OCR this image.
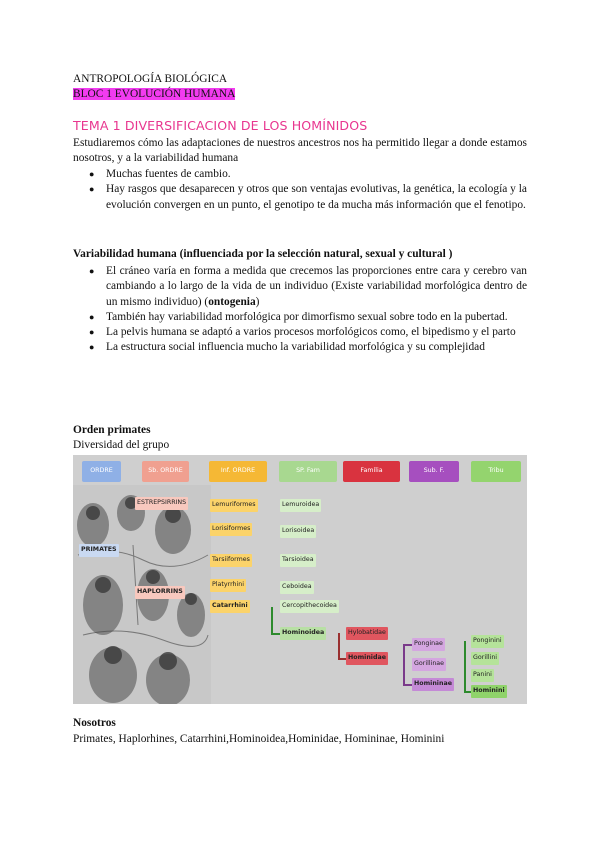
ANTROPOLOGÍA BIOLÓGICA
BLOC 1 EVOLUCIÓN HUMANA
TEMA 1 DIVERSIFICACION DE LOS HOMÍNIDOS
Estudiaremos cómo las adaptaciones de nuestros ancestros nos ha permitido llegar a donde estamos nosotros, y a la variabilidad humana
● Muchas fuentes de cambio.
● Hay rasgos que desaparecen y otros que son ventajas evolutivas, la genética, la ecología y la evolución convergen en un punto, el genotipo te da mucha más información que el fenotipo.
Variabilidad humana (influenciada por la selección natural, sexual y cultural )
● El cráneo varía en forma a medida que crecemos las proporciones entre cara y cerebro van cambiando a lo largo de la vida de un individuo (Existe variabilidad morfológica dentro de un mismo individuo) (ontogenia)
● También hay variabilidad morfológica por dimorfismo sexual sobre todo en la pubertad.
● La pelvis humana se adaptó a varios procesos morfológicos como, el bipedismo y el parto
● La estructura social influencia mucho la variabilidad morfológica y su complejidad
Orden primates
Diversidad del grupo
ORDRE	Sb. ORDRE	Inf. ORDRE	SP. Fam	Família	Sub. F.	Tribu
PRIMATES
ESTREPSIRRINS
HAPLORRINS
Lemuriformes
Lorisiformes
Tarsiiformes
Platyrrhini
Catarrhini
Lemuroidea
Lorisoidea
Tarsioidea
Ceboidea
Cercopithecoidea
Hominoidea	Hylobatidae
Hominidae
Ponginae
Gorillinae
Homininae
Ponginini
Gorillini
Panini
Hominini
Nosotros
Primates, Haplorhines, Catarrhini,Hominoidea,Hominidae, Homininae, Hominini
